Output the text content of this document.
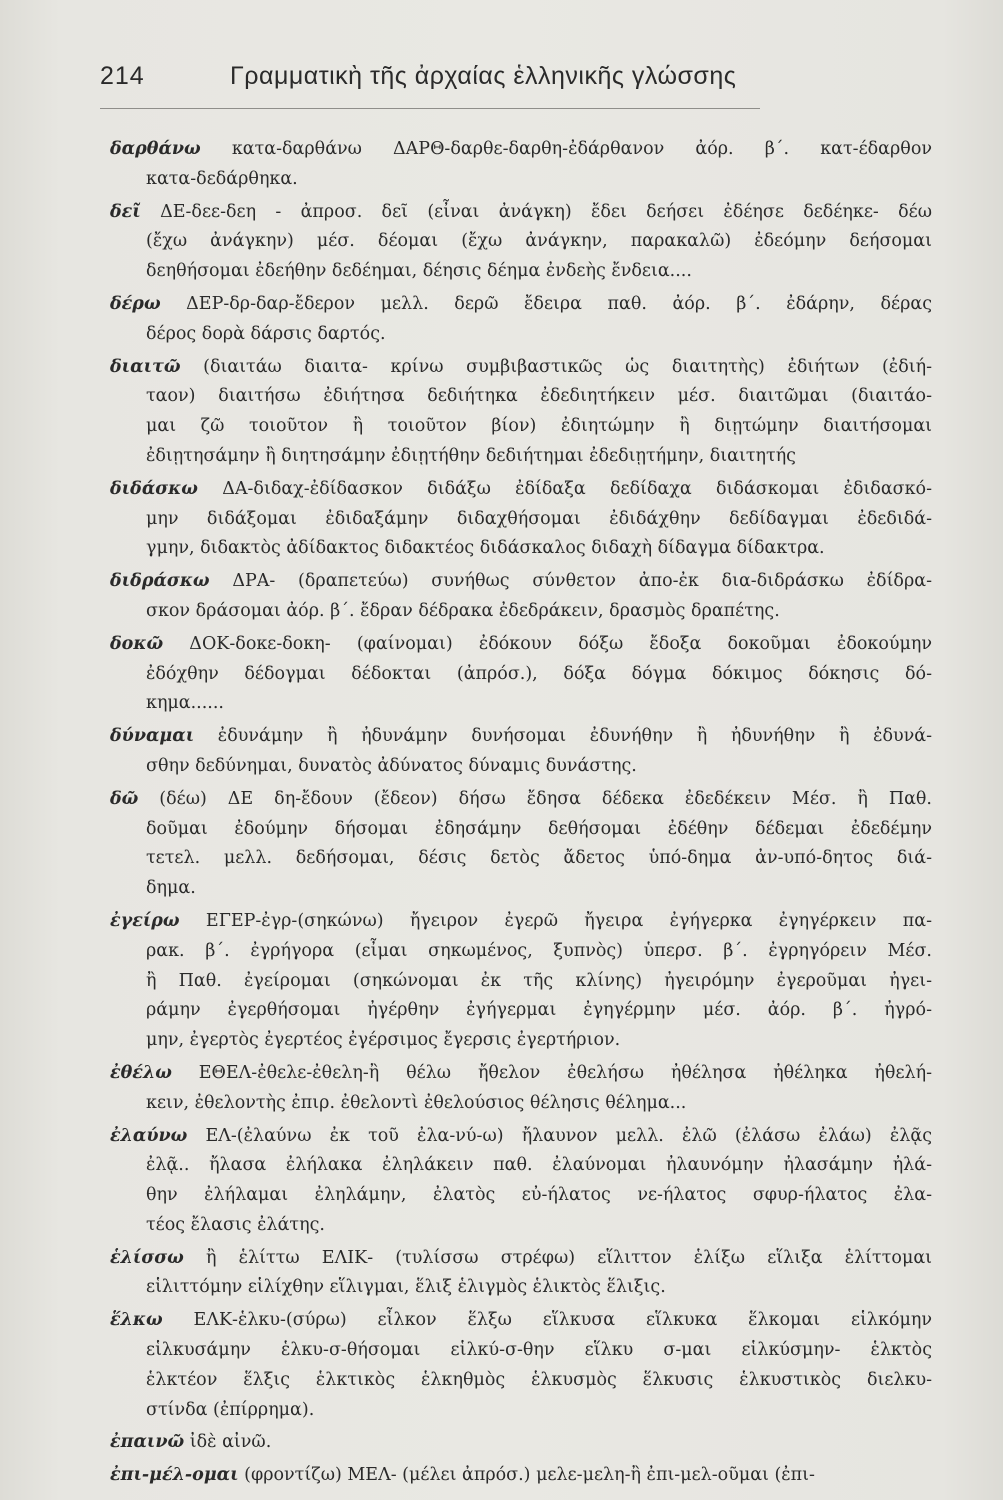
214	Γραμματικὴ τῆς ἀρχαίας ἑλληνικῆς γλώσσης
δαρθάνω κατα-δαρθάνω ΔΑΡΘ-δαρθε-δαρθη-ἐδάρθανον ἀόρ. β΄. κατ-έδαρθον
κατα-δεδάρθηκα.
δεῖ ΔΕ-δεε-δεη - ἀπροσ. δεῖ (εἶναι ἀνάγκη) ἔδει δεήσει ἐδέησε δεδέηκε- δέω
(ἔχω ἀνάγκην) μέσ. δέομαι (ἔχω ἀνάγκην, παρακαλῶ) ἐδεόμην δεήσομαι
δεηθήσομαι ἐδεήθην δεδέημαι, δέησις δέημα ἐνδεὴς ἔνδεια....
δέρω ΔΕΡ-δρ-δαρ-ἔδερον μελλ. δερῶ ἔδειρα παθ. ἀόρ. β΄. ἐδάρην, δέρας
δέρος δορὰ δάρσις δαρτός.
διαιτῶ (διαιτάω διαιτα- κρίνω συμβιβαστικῶς ὡς διαιτητὴς) ἐδιήτων (ἐδιή-
ταον) διαιτήσω ἐδιήτησα δεδιήτηκα ἐδεδιητήκειν μέσ. διαιτῶμαι (διαιτάο-
μαι ζῶ τοιοῦτον ἢ τοιοῦτον βίον) ἐδιητώμην ἢ διῃτώμην διαιτήσομαι
ἐδιῃτησάμην ἢ διητησάμην ἐδιῃτήθην δεδιήτημαι ἐδεδιῃτήμην, διαιτητής
διδάσκω ΔΑ-διδαχ-ἐδίδασκον διδάξω ἐδίδαξα δεδίδαχα διδάσκομαι ἐδιδασκό-
μην διδάξομαι ἐδιδαξάμην διδαχθήσομαι ἐδιδάχθην δεδίδαγμαι ἐδεδιδά-
γμην, διδακτὸς ἀδίδακτος διδακτέος διδάσκαλος διδαχὴ δίδαγμα δίδακτρα.
διδράσκω ΔΡΑ- (δραπετεύω) συνήθως σύνθετον ἀπο-ἐκ δια-διδράσκω ἐδίδρα-
σκον δράσομαι ἀόρ. β΄. ἔδραν δέδρακα ἐδεδράκειν, δρασμὸς δραπέτης.
δοκῶ ΔΟΚ-δοκε-δοκη- (φαίνομαι) ἐδόκουν δόξω ἔδοξα δοκοῦμαι ἐδοκούμην
ἐδόχθην δέδογμαι δέδοκται (ἀπρόσ.), δόξα δόγμα δόκιμος δόκησις δό-
κημα......
δύναμαι ἐδυνάμην ἢ ἠδυνάμην δυνήσομαι ἐδυνήθην ἢ ἠδυνήθην ἢ ἐδυνά-
σθην δεδύνημαι, δυνατὸς ἀδύνατος δύναμις δυνάστης.
δῶ (δέω) ΔΕ δη-ἔδουν (ἔδεον) δήσω ἔδησα δέδεκα ἐδεδέκειν Μέσ. ἢ Παθ.
δοῦμαι ἐδούμην δήσομαι ἐδησάμην δεθήσομαι ἐδέθην δέδεμαι ἐδεδέμην
τετελ. μελλ. δεδήσομαι, δέσις δετὸς ἄδετος ὑπό-δημα ἀν-υπό-δητος διά-
δημα.
ἐγείρω ΕΓΕΡ-ἐγρ-(σηκώνω) ἤγειρον ἐγερῶ ἤγειρα ἐγήγερκα ἐγηγέρκειν πα-
ρακ. β΄. ἐγρήγορα (εἶμαι σηκωμένος, ξυπνὸς) ὑπερσ. β΄. ἐγρηγόρειν Μέσ.
ἢ Παθ. ἐγείρομαι (σηκώνομαι ἐκ τῆς κλίνης) ἠγειρόμην ἐγεροῦμαι ἠγει-
ράμην ἐγερθήσομαι ἠγέρθην ἐγήγερμαι ἐγηγέρμην μέσ. ἀόρ. β΄. ἠγρό-
μην, ἐγερτὸς ἐγερτέος ἐγέρσιμος ἔγερσις ἐγερτήριον.
ἐθέλω ΕΘΕΛ-ἐθελε-ἐθελη-ἢ θέλω ἤθελον ἐθελήσω ἠθέλησα ἠθέληκα ἠθελή-
κειν, ἐθελοντὴς ἐπιρ. ἐθελοντὶ ἐθελούσιος θέλησις θέλημα...
ἐλαύνω ΕΛ-(ἐλαύνω ἐκ τοῦ ἐλα-νύ-ω) ἤλαυνον μελλ. ἐλῶ (ἐλάσω ἐλάω) ἐλᾷς
ἐλᾷ.. ἤλασα ἐλήλακα ἐληλάκειν παθ. ἐλαύνομαι ἠλαυνόμην ἠλασάμην ἠλά-
θην ἐλήλαμαι ἐληλάμην, ἐλατὸς εὐ-ήλατος νε-ήλατος σφυρ-ήλατος ἐλα-
τέος ἔλασις ἐλάτης.
ἑλίσσω ἢ ἑλίττω ΕΛΙΚ- (τυλίσσω στρέφω) εἵλιττον ἑλίξω εἵλιξα ἑλίττομαι
εἱλιττόμην εἱλίχθην εἵλιγμαι, ἕλιξ ἑλιγμὸς ἑλικτὸς ἕλιξις.
ἕλκω ΕΛΚ-ἑλκυ-(σύρω) εἷλκον ἕλξω εἵλκυσα εἵλκυκα ἕλκομαι εἱλκόμην
εἱλκυσάμην ἑλκυ-σ-θήσομαι εἱλκύ-σ-θην εἵλκυ σ-μαι εἱλκύσμην- ἑλκτὸς
ἑλκτέον ἕλξις ἑλκτικὸς ἑλκηθμὸς ἑλκυσμὸς ἕλκυσις ἑλκυστικὸς διελκυ-
στίνδα (ἐπίρρημα).
ἐπαινῶ ἰδὲ αἰνῶ.
ἐπι-μέλ-ομαι (φροντίζω) ΜΕΛ- (μέλει ἀπρόσ.) μελε-μελη-ἢ ἐπι-μελ-οῦμαι (ἐπι-
